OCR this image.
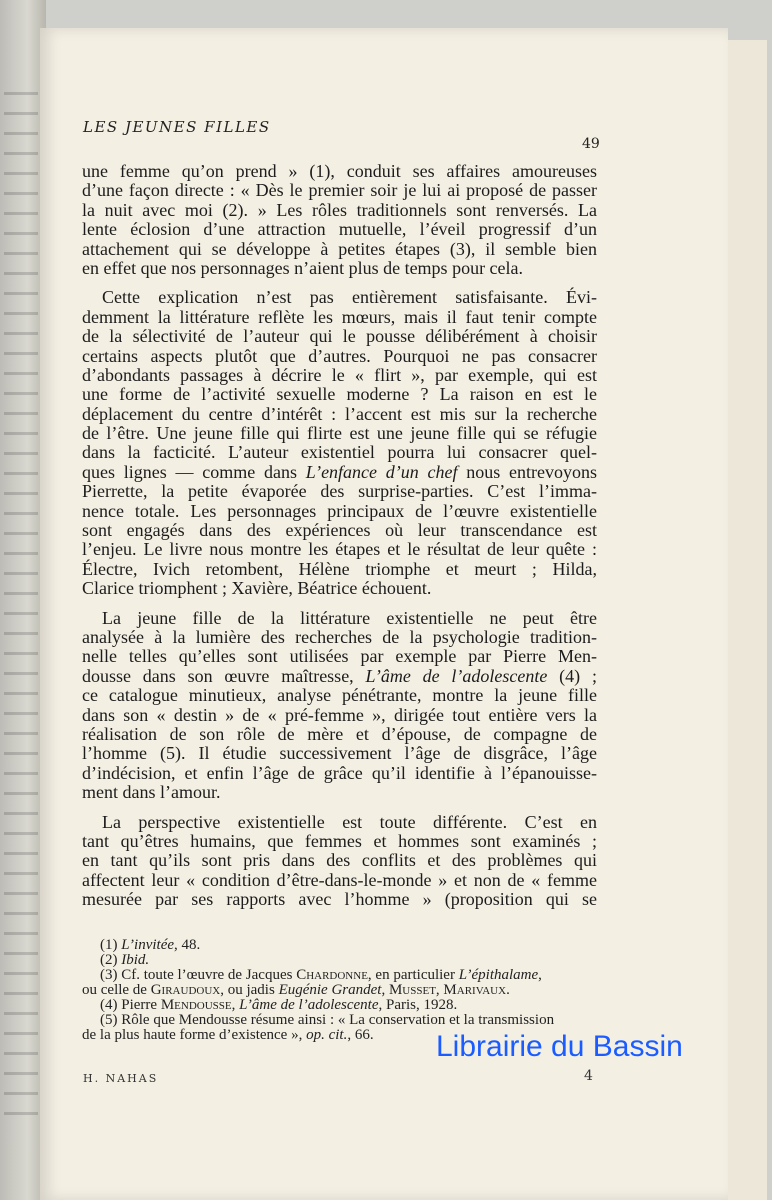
LES JEUNES FILLES
49
une femme qu’on prend » (1), conduit ses affaires amoureuses
d’une façon directe : « Dès le premier soir je lui ai proposé de passer
la nuit avec moi (2). » Les rôles traditionnels sont renversés. La
lente éclosion d’une attraction mutuelle, l’éveil progressif d’un
attachement qui se développe à petites étapes (3), il semble bien
en effet que nos personnages n’aient plus de temps pour cela.
Cette explication n’est pas entièrement satisfaisante. Évi-
demment la littérature reflète les mœurs, mais il faut tenir compte
de la sélectivité de l’auteur qui le pousse délibérément à choisir
certains aspects plutôt que d’autres. Pourquoi ne pas consacrer
d’abondants passages à décrire le « flirt », par exemple, qui est
une forme de l’activité sexuelle moderne ? La raison en est le
déplacement du centre d’intérêt : l’accent est mis sur la recherche
de l’être. Une jeune fille qui flirte est une jeune fille qui se réfugie
dans la facticité. L’auteur existentiel pourra lui consacrer quel-
ques lignes — comme dans L’enfance d’un chef nous entrevoyons
Pierrette, la petite évaporée des surprise-parties. C’est l’imma-
nence totale. Les personnages principaux de l’œuvre existentielle
sont engagés dans des expériences où leur transcendance est
l’enjeu. Le livre nous montre les étapes et le résultat de leur quête :
Électre, Ivich retombent, Hélène triomphe et meurt ; Hilda,
Clarice triomphent ; Xavière, Béatrice échouent.
La jeune fille de la littérature existentielle ne peut être
analysée à la lumière des recherches de la psychologie tradition-
nelle telles qu’elles sont utilisées par exemple par Pierre Men-
dousse dans son œuvre maîtresse, L’âme de l’adolescente (4) ;
ce catalogue minutieux, analyse pénétrante, montre la jeune fille
dans son « destin » de « pré-femme », dirigée tout entière vers la
réalisation de son rôle de mère et d’épouse, de compagne de
l’homme (5). Il étudie successivement l’âge de disgrâce, l’âge
d’indécision, et enfin l’âge de grâce qu’il identifie à l’épanouisse-
ment dans l’amour.
La perspective existentielle est toute différente. C’est en
tant qu’êtres humains, que femmes et hommes sont examinés ;
en tant qu’ils sont pris dans des conflits et des problèmes qui
affectent leur « condition d’être-dans-le-monde » et non de « femme
mesurée par ses rapports avec l’homme » (proposition qui se
(1) L’invitée, 48.
(2) Ibid.
(3) Cf. toute l’œuvre de Jacques Chardonne, en particulier L’épithalame,
ou celle de Giraudoux, ou jadis Eugénie Grandet, Musset, Marivaux.
(4) Pierre Mendousse, L’âme de l’adolescente, Paris, 1928.
(5) Rôle que Mendousse résume ainsi : « La conservation et la transmission
de la plus haute forme d’existence », op. cit., 66.
H. NAHAS	4
Librairie du Bassin
